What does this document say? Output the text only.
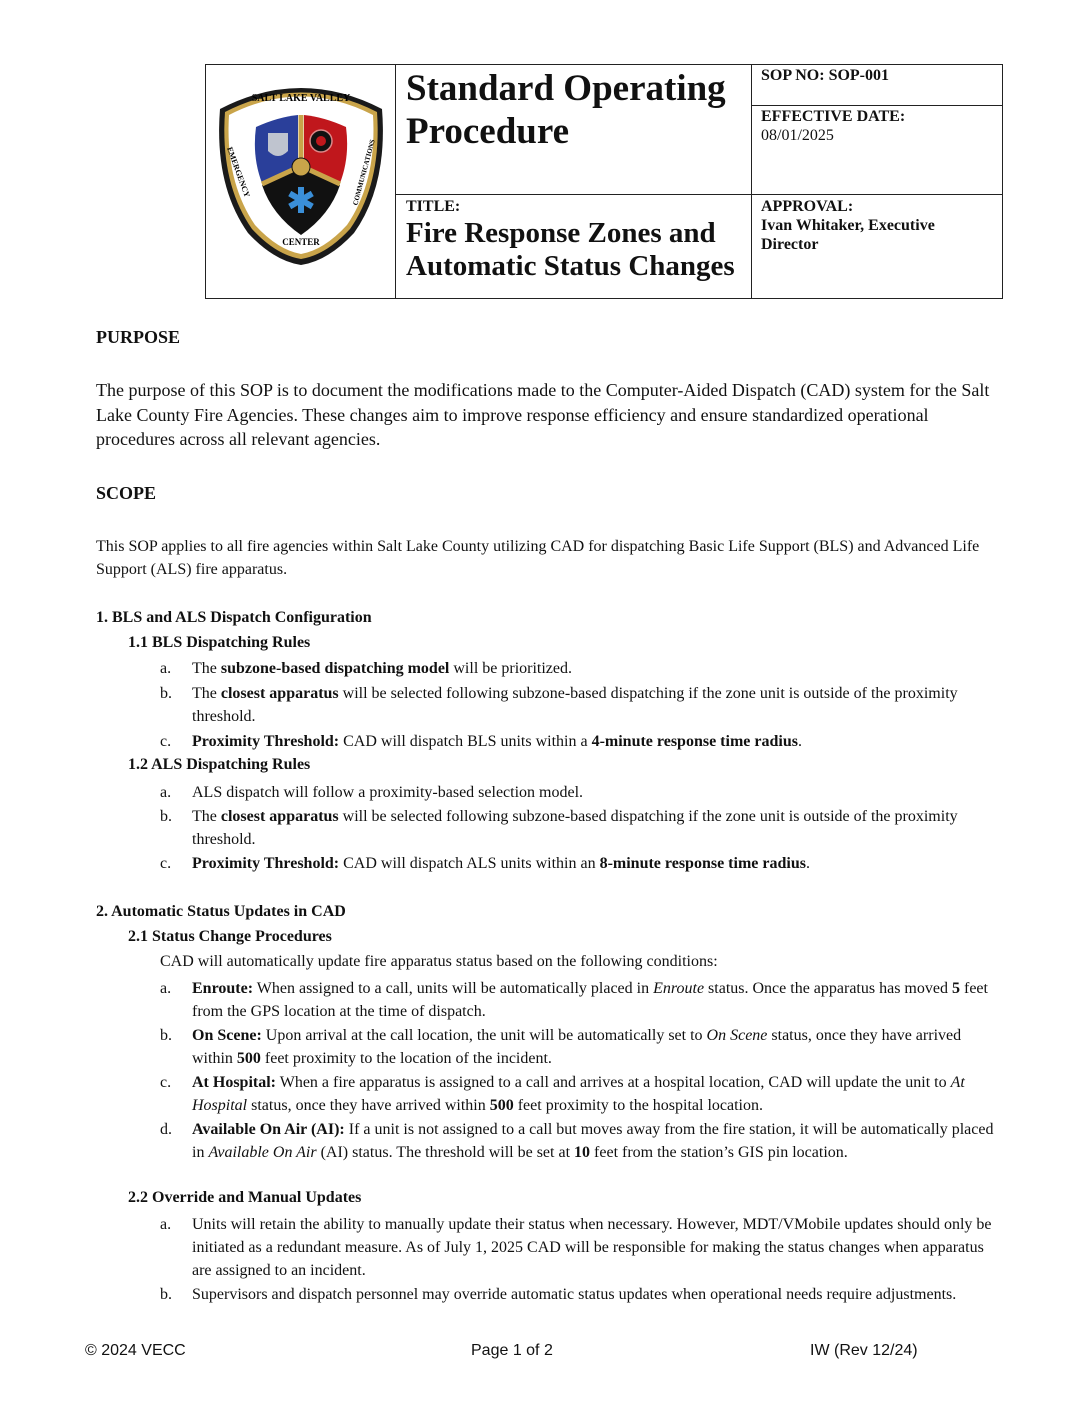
SALT LAKE VALLEY
CENTER
EMERGENCY	COMMUNICATIONS
Standard Operating
Procedure
TITLE:
Fire Response Zones and
Automatic Status Changes
SOP NO: SOP-001
EFFECTIVE DATE:
08/01/2025
APPROVAL:
Ivan Whitaker, Executive
Director
PURPOSE
The purpose of this SOP is to document the modifications made to the Computer-Aided Dispatch (CAD) system for the Salt Lake County Fire Agencies. These changes aim to improve response efficiency and ensure standardized operational procedures across all relevant agencies.
SCOPE
This SOP applies to all fire agencies within Salt Lake County utilizing CAD for dispatching Basic Life Support (BLS) and Advanced Life Support (ALS) fire apparatus.
1. BLS and ALS Dispatch Configuration
1.1 BLS Dispatching Rules
a.	The subzone-based dispatching model will be prioritized.
b.	The closest apparatus will be selected following subzone-based dispatching if the zone unit is outside of the proximity threshold.
c.	Proximity Threshold: CAD will dispatch BLS units within a 4-minute response time radius.
1.2 ALS Dispatching Rules
a.	ALS dispatch will follow a proximity-based selection model.
b.	The closest apparatus will be selected following subzone-based dispatching if the zone unit is outside of the proximity threshold.
c.	Proximity Threshold: CAD will dispatch ALS units within an 8-minute response time radius.
2. Automatic Status Updates in CAD
2.1 Status Change Procedures
CAD will automatically update fire apparatus status based on the following conditions:
a.	Enroute: When assigned to a call, units will be automatically placed in Enroute status. Once the apparatus has moved 5 feet from the GPS location at the time of dispatch.
b.	On Scene: Upon arrival at the call location, the unit will be automatically set to On Scene status, once they have arrived within 500 feet proximity to the location of the incident.
c.	At Hospital: When a fire apparatus is assigned to a call and arrives at a hospital location, CAD will update the unit to At Hospital status, once they have arrived within 500 feet proximity to the hospital location.
d.	Available On Air (AI): If a unit is not assigned to a call but moves away from the fire station, it will be automatically placed in Available On Air (AI) status. The threshold will be set at 10 feet from the station’s GIS pin location.
2.2 Override and Manual Updates
a.	Units will retain the ability to manually update their status when necessary. However, MDT/VMobile updates should only be initiated as a redundant measure. As of July 1, 2025 CAD will be responsible for making the status changes when apparatus are assigned to an incident.
b.	Supervisors and dispatch personnel may override automatic status updates when operational needs require adjustments.
© 2024 VECC	Page 1 of 2	IW (Rev 12/24)
